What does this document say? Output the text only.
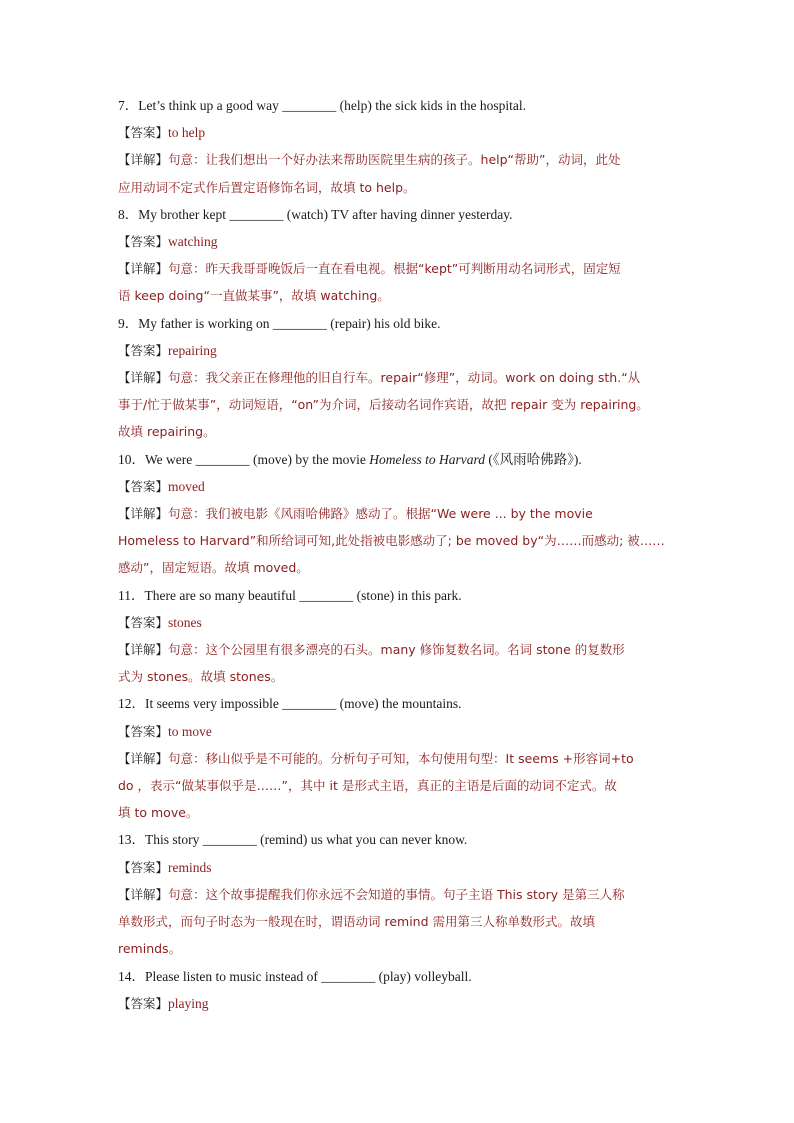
7．Let’s think up a good way ________ (help) the sick kids in the hospital.
【答案】to help
【详解】句意：让我们想出一个好办法来帮助医院里生病的孩子。help“帮助”，动词，此处
应用动词不定式作后置定语修饰名词，故填 to help。
8．My brother kept ________ (watch) TV after having dinner yesterday.
【答案】watching
【详解】句意：昨天我哥哥晚饭后一直在看电视。根据“kept”可判断用动名词形式，固定短
语 keep doing“一直做某事”，故填 watching。
9．My father is working on ________ (repair) his old bike.
【答案】repairing
【详解】句意：我父亲正在修理他的旧自行车。repair“修理”，动词。work on doing sth.“从
事于/忙于做某事”，动词短语，“on”为介词，后接动名词作宾语，故把 repair 变为 repairing。
故填 repairing。
10．We were ________ (move) by the movie Homeless to Harvard (《风雨哈佛路》).
【答案】moved
【详解】句意：我们被电影《风雨哈佛路》感动了。根据“We were ... by the movie
Homeless to Harvard”和所给词可知,此处指被电影感动了; be moved by“为……而感动; 被……
感动”，固定短语。故填 moved。
11．There are so many beautiful ________ (stone) in this park.
【答案】stones
【详解】句意：这个公园里有很多漂亮的石头。many 修饰复数名词。名词 stone 的复数形
式为 stones。故填 stones。
12．It seems very impossible ________ (move) the mountains.
【答案】to move
【详解】句意：移山似乎是不可能的。分析句子可知，本句使用句型：It seems +形容词+to
do ，表示“做某事似乎是……”，其中 it 是形式主语，真正的主语是后面的动词不定式。故
填 to move。
13．This story ________ (remind) us what you can never know.
【答案】reminds
【详解】句意：这个故事提醒我们你永远不会知道的事情。句子主语 This story 是第三人称
单数形式，而句子时态为一般现在时，谓语动词 remind 需用第三人称单数形式。故填
reminds。
14．Please listen to music instead of ________ (play) volleyball.
【答案】playing
